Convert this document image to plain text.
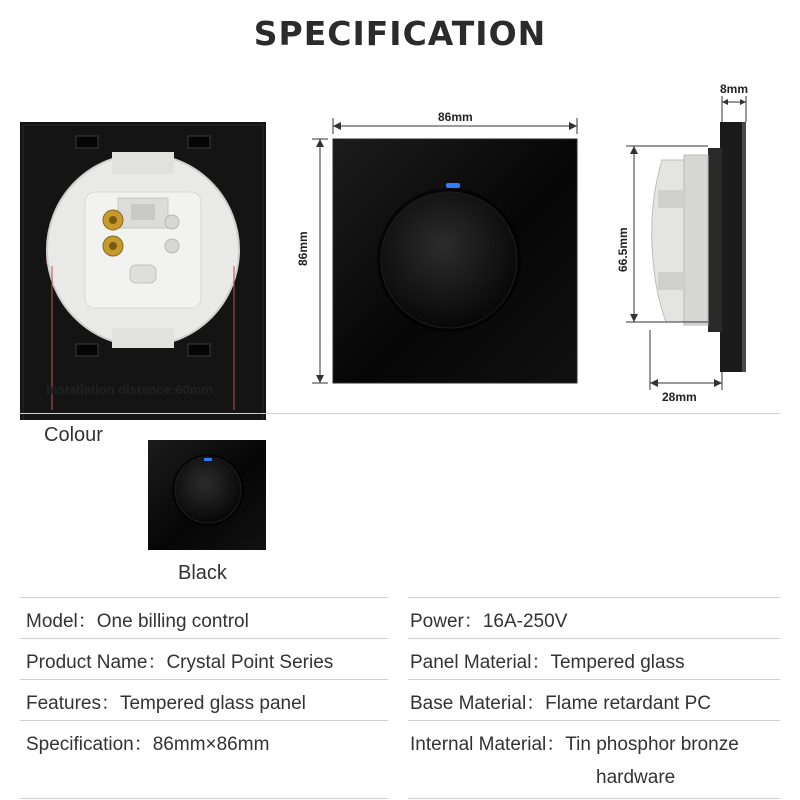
SPECIFICATION
86mm
86mm
8mm
66.5mm
28mm
Installation distance:60mm
Colour
Black
Model：One billing control
Product Name：Crystal Point Series
Features：Tempered glass panel
Specification：86mm×86mm
Power：16A-250V
Panel Material：Tempered glass
Base Material：Flame retardant PC
Internal Material：Tin phosphor bronze
hardware
